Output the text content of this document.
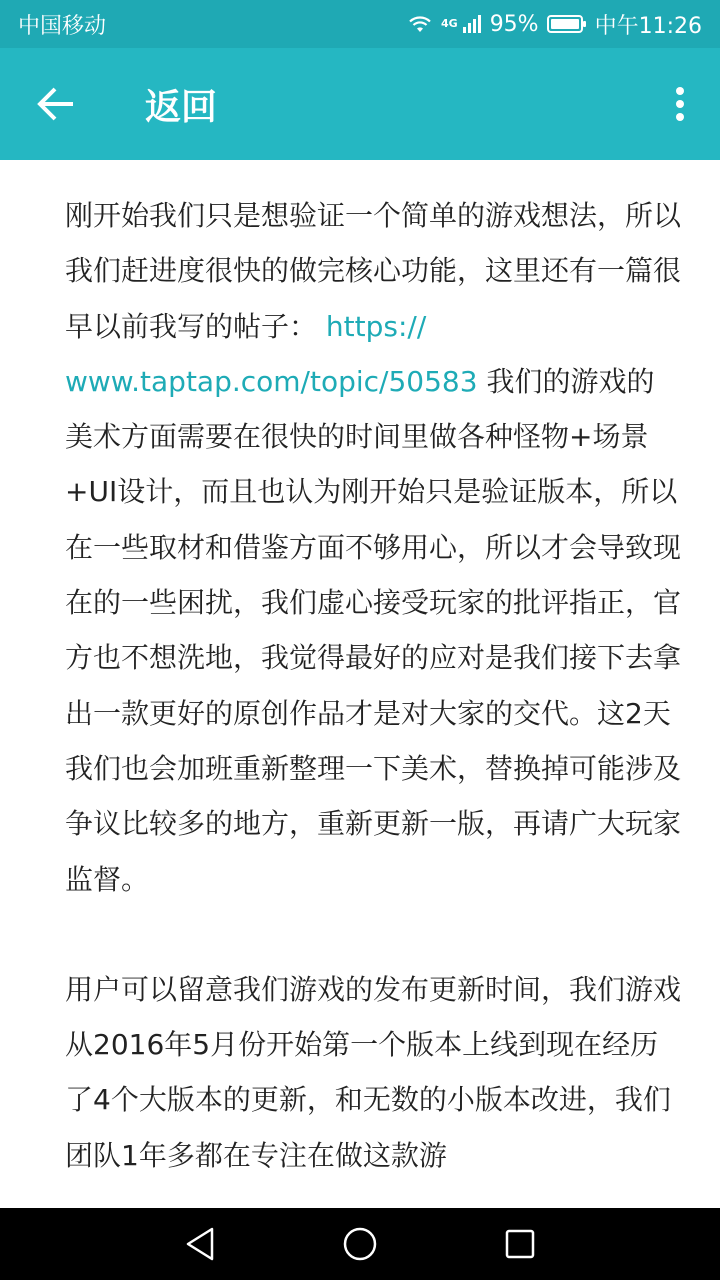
中国移动	4G 95%	中午11:26
返回

刚开始我们只是想验证一个简单的游戏想法，所以我们赶进度很快的做完核心功能，这里还有一篇很早以前我写的帖子： https://
www.taptap.com/topic/50583 我们的游戏的美术方面需要在很快的时间里做各种怪物+场景+UI设计，而且也认为刚开始只是验证版本，所以在一些取材和借鉴方面不够用心，所以才会导致现在的一些困扰，我们虚心接受玩家的批评指正，官方也不想洗地，我觉得最好的应对是我们接下去拿出一款更好的原创作品才是对大家的交代。这2天我们也会加班重新整理一下美术，替换掉可能涉及争议比较多的地方，重新更新一版，再请广大玩家监督。

用户可以留意我们游戏的发布更新时间，我们游戏从2016年5月份开始第一个版本上线到现在经历了4个大版本的更新，和无数的小版本改进，我们团队1年多都在专注在做这款游
